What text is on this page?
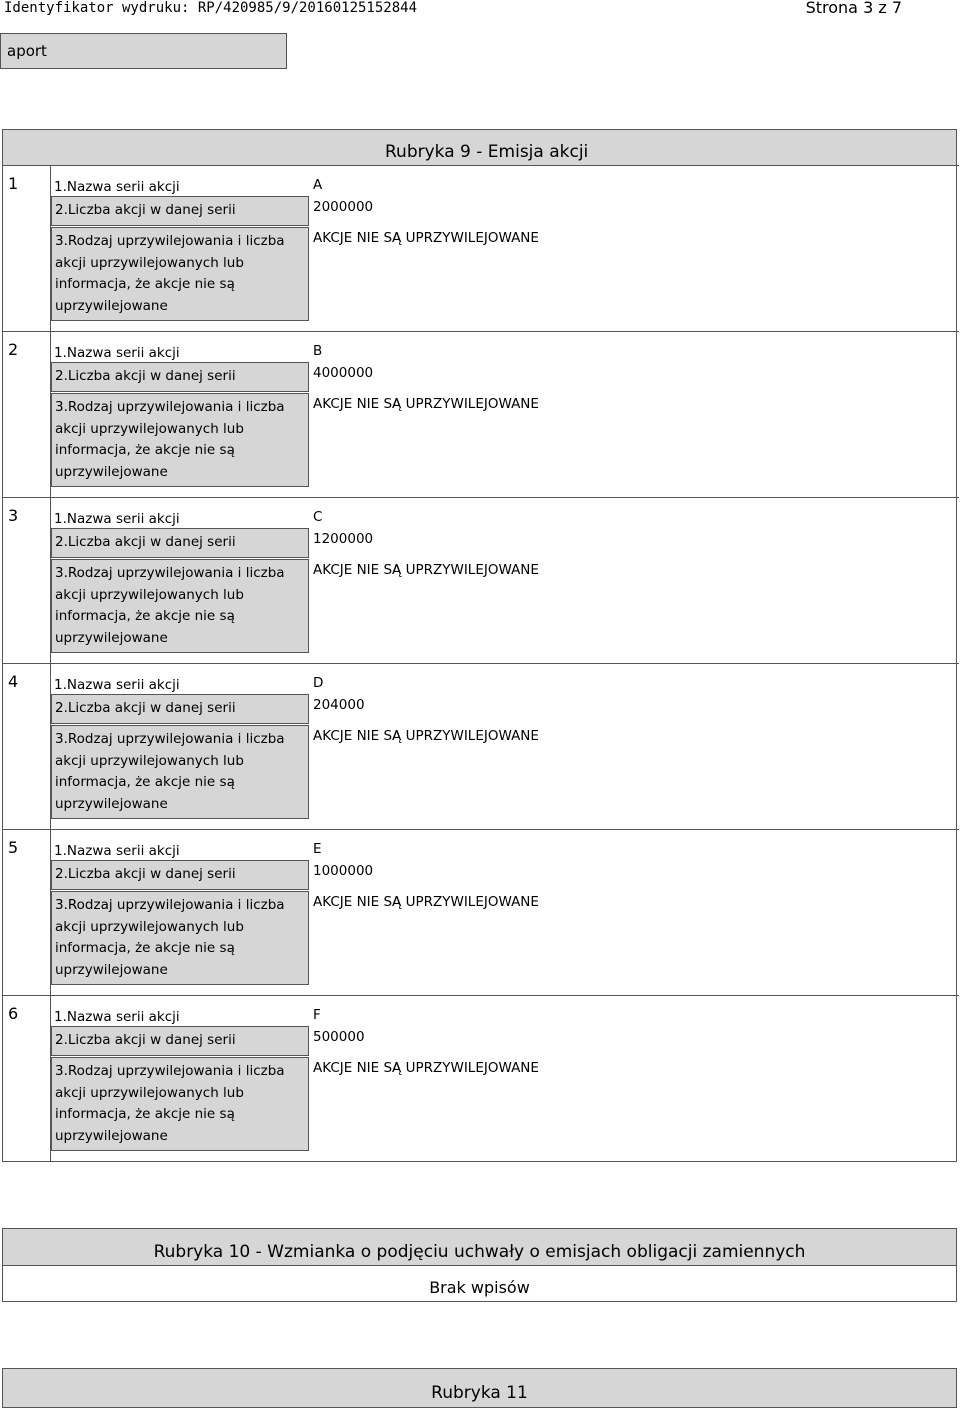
Identyfikator wydruku: RP/420985/9/20160125152844	Strona 3 z 7
aport
Rubryka 9 - Emisja akcji
1	1.Nazwa serii akcji	A
2.Liczba akcji w danej serii	2000000
3.Rodzaj uprzywilejowania i liczba akcji uprzywilejowanych lub informacja, że akcje nie są uprzywilejowane
AKCJE NIE SĄ UPRZYWILEJOWANE
2	1.Nazwa serii akcji	B
2.Liczba akcji w danej serii	4000000
3.Rodzaj uprzywilejowania i liczba akcji uprzywilejowanych lub informacja, że akcje nie są uprzywilejowane
AKCJE NIE SĄ UPRZYWILEJOWANE
3	1.Nazwa serii akcji	C
2.Liczba akcji w danej serii	1200000
3.Rodzaj uprzywilejowania i liczba akcji uprzywilejowanych lub informacja, że akcje nie są uprzywilejowane
AKCJE NIE SĄ UPRZYWILEJOWANE
4	1.Nazwa serii akcji	D
2.Liczba akcji w danej serii	204000
3.Rodzaj uprzywilejowania i liczba akcji uprzywilejowanych lub informacja, że akcje nie są uprzywilejowane
AKCJE NIE SĄ UPRZYWILEJOWANE
5	1.Nazwa serii akcji	E
2.Liczba akcji w danej serii	1000000
3.Rodzaj uprzywilejowania i liczba akcji uprzywilejowanych lub informacja, że akcje nie są uprzywilejowane
AKCJE NIE SĄ UPRZYWILEJOWANE
6	1.Nazwa serii akcji	F
2.Liczba akcji w danej serii	500000
3.Rodzaj uprzywilejowania i liczba akcji uprzywilejowanych lub informacja, że akcje nie są uprzywilejowane
AKCJE NIE SĄ UPRZYWILEJOWANE
Rubryka 10 - Wzmianka o podjęciu uchwały o emisjach obligacji zamiennych
Brak wpisów
Rubryka 11
